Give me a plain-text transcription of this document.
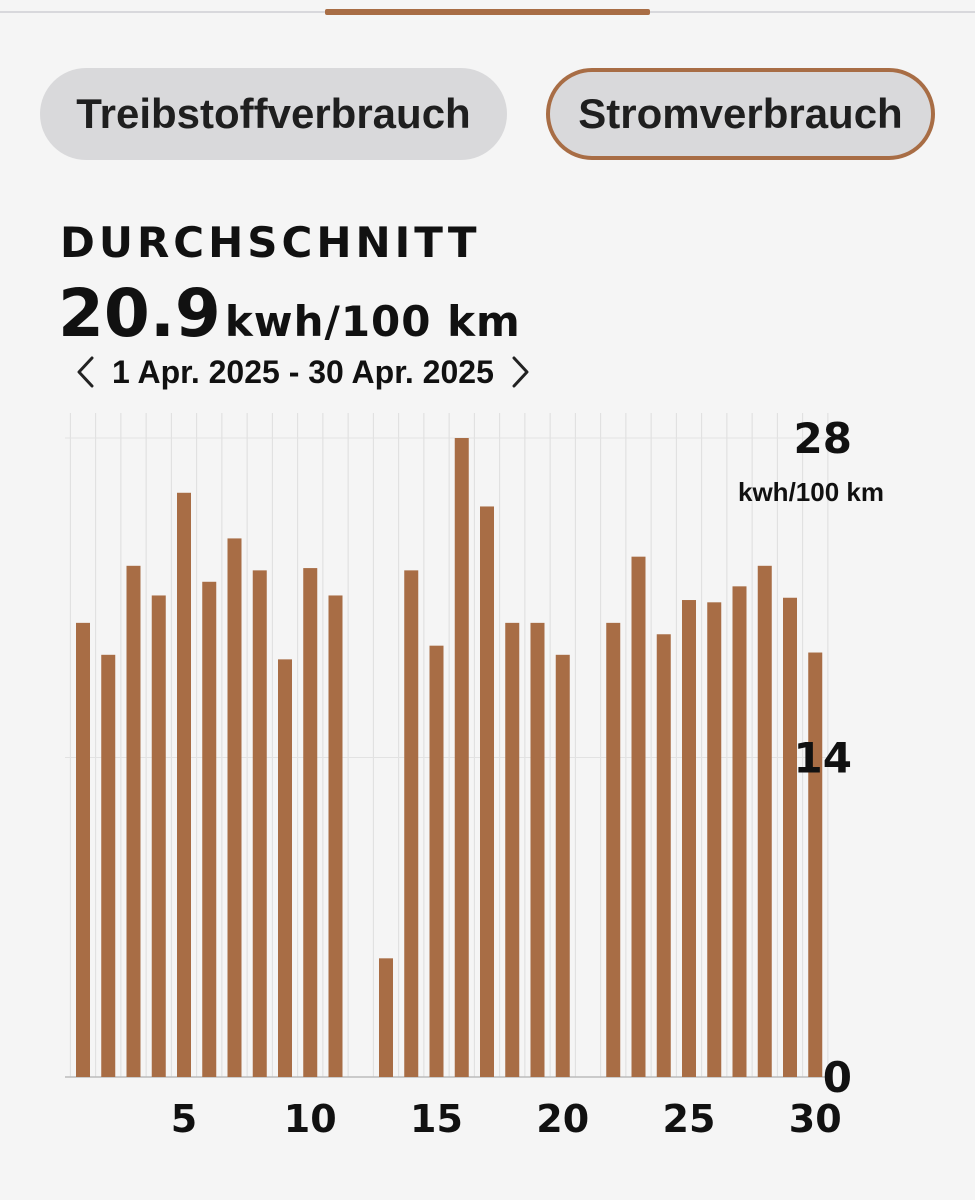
Treibstoffverbrauch	Stromverbrauch
DURCHSCHNITT
20.9kwh/100 km
1 Apr. 2025 - 30 Apr. 2025
28
14
0
5 10 15 20 25 30
kwh/100 km
